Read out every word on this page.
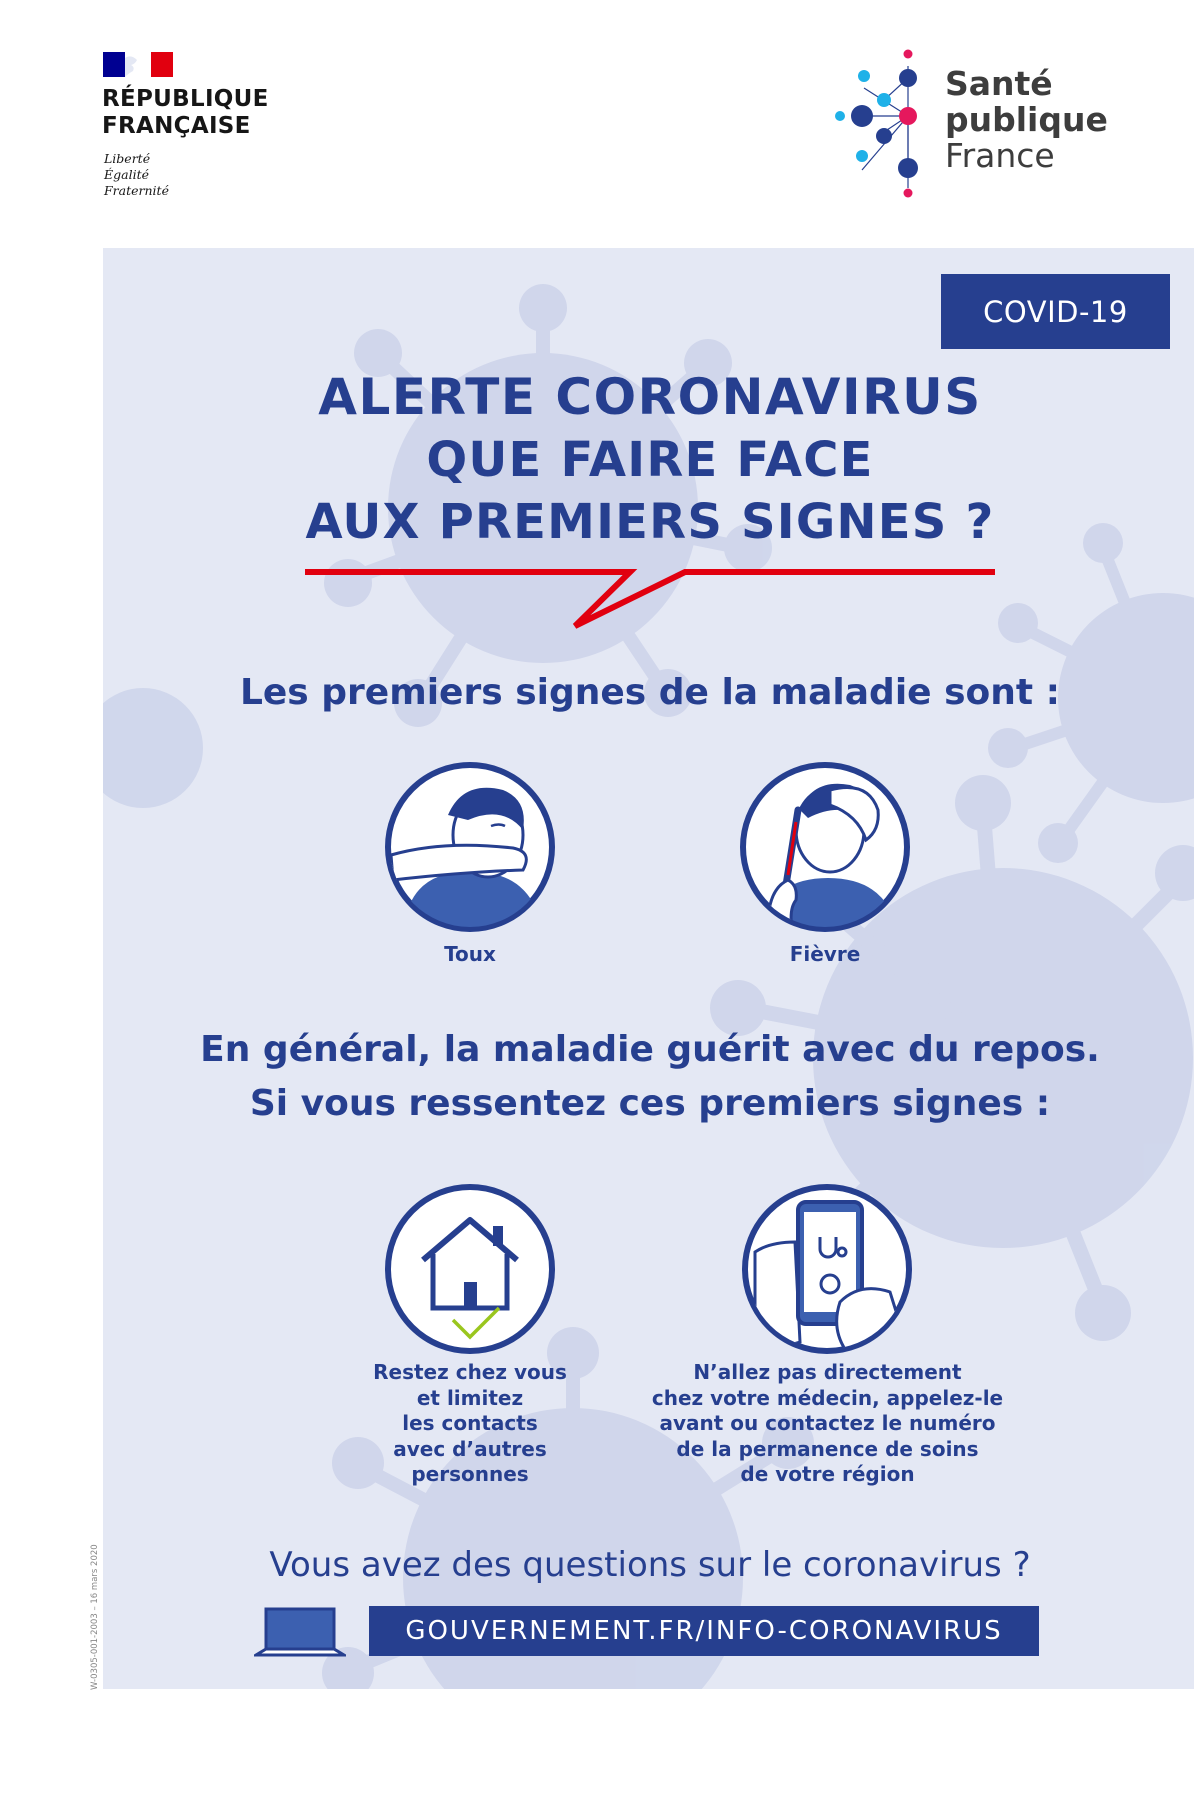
RÉPUBLIQUE
FRANÇAISE
Liberté
Égalité
Fraternité
Santé
publique
France
COVID-19
ALERTE CORONAVIRUS
QUE FAIRE FACE
AUX PREMIERS SIGNES ?
Les premiers signes de la maladie sont :
Toux	Fièvre
En général, la maladie guérit avec du repos.
Si vous ressentez ces premiers signes :
Restez chez vous
et limitez
les contacts
avec d’autres
personnes
N’allez pas directement
chez votre médecin, appelez-le
avant ou contactez le numéro
de la permanence de soins
de votre région
Vous avez des questions sur le coronavirus ?
GOUVERNEMENT.FR/INFO-CORONAVIRUS
W-0305-001-2003 – 16 mars 2020
